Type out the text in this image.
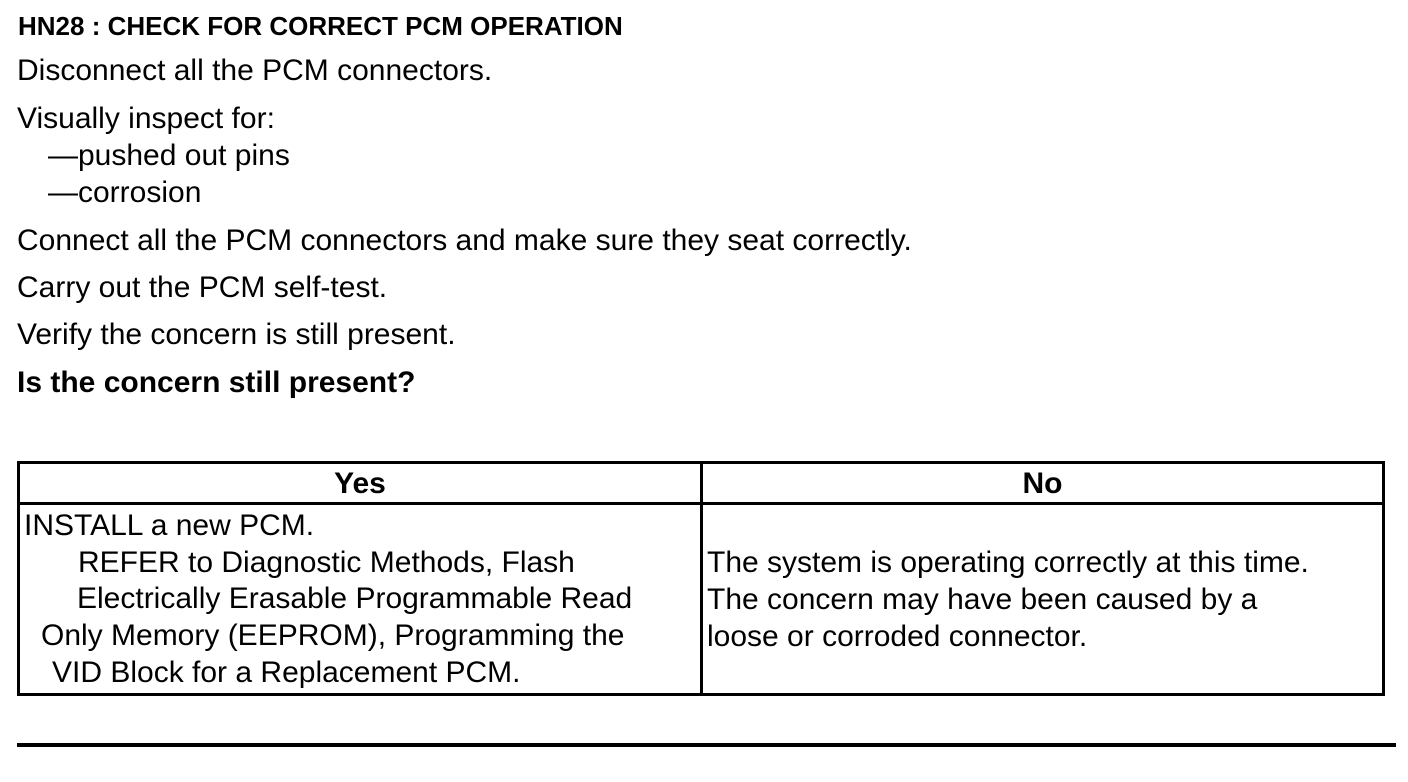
HN28 : CHECK FOR CORRECT PCM OPERATION
Disconnect all the PCM connectors.
Visually inspect for:
—pushed out pins
—corrosion
Connect all the PCM connectors and make sure they seat correctly.
Carry out the PCM self-test.
Verify the concern is still present.
Is the concern still present?
Yes	No
INSTALL a new PCM.
REFER to Diagnostic Methods, Flash
Electrically Erasable Programmable Read
Only Memory (EEPROM), Programming the
VID Block for a Replacement PCM.
The system is operating correctly at this time.
The concern may have been caused by a
loose or corroded connector.
